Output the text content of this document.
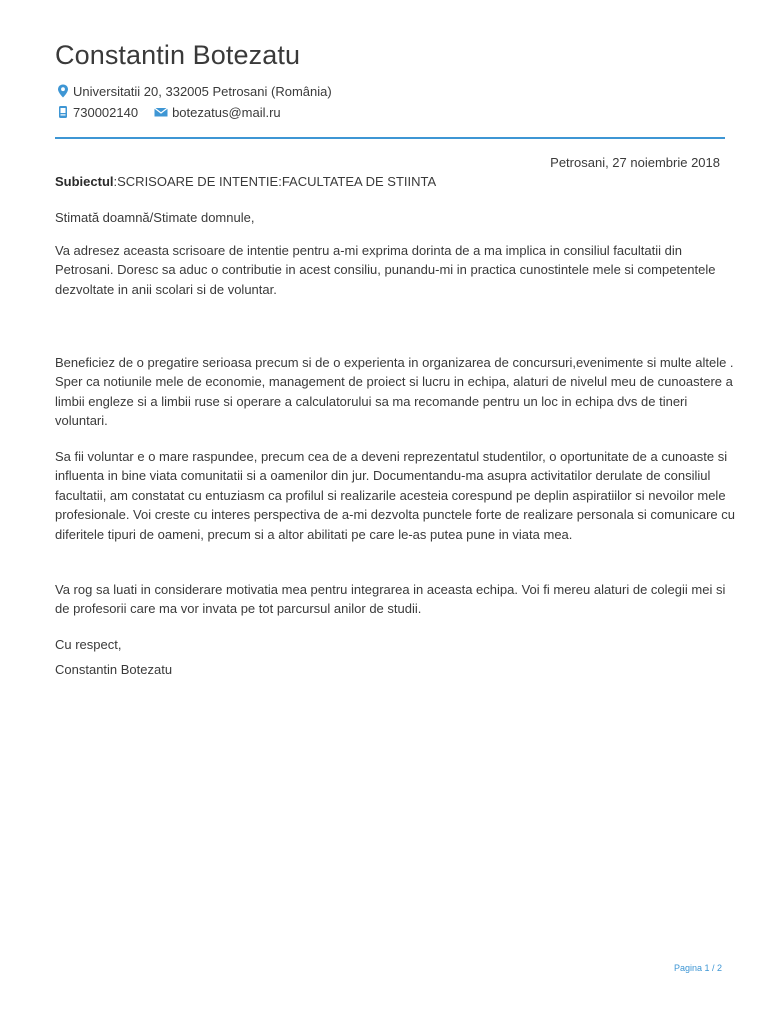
Constantin Botezatu
Universitatii 20, 332005 Petrosani (România)
730002140	botezatus@mail.ru
Petrosani, 27 noiembrie 2018
Subiectul:SCRISOARE DE INTENTIE:FACULTATEA DE STIINTA

Stimată doamnă/Stimate domnule,

Va adresez aceasta scrisoare de intentie pentru a-mi exprima dorinta de a ma implica in consiliul facultatii din Petrosani. Doresc sa aduc o contributie in acest consiliu, punandu-mi in practica cunostintele mele si competentele dezvoltate in anii scolari si de voluntar.

Beneficiez de o pregatire serioasa precum si de o experienta in organizarea de concursuri,evenimente si multe altele . Sper ca notiunile mele de economie, management de proiect si lucru in echipa, alaturi de nivelul meu de cunoastere a limbii engleze si a limbii ruse si operare a calculatorului sa ma recomande pentru un loc in echipa dvs de tineri voluntari.

Sa fii voluntar e o mare raspundee, precum cea de a deveni reprezentatul studentilor, o oportunitate de a cunoaste si influenta in bine viata comunitatii si a oamenilor din jur. Documentandu-ma asupra activitatilor derulate de consiliul facultatii, am constatat cu entuziasm ca profilul si realizarile acesteia corespund pe deplin aspiratiilor si nevoilor mele profesionale. Voi creste cu interes perspectiva de a-mi dezvolta punctele forte de realizare personala si comunicare cu diferitele tipuri de oameni, precum si a altor abilitati pe care le-as putea pune in viata mea.

Va rog sa luati in considerare motivatia mea pentru integrarea in aceasta echipa. Voi fi mereu alaturi de colegii mei si de profesorii care ma vor invata pe tot parcursul anilor de studii.

Cu respect,

Constantin Botezatu

Pagina 1 / 2
